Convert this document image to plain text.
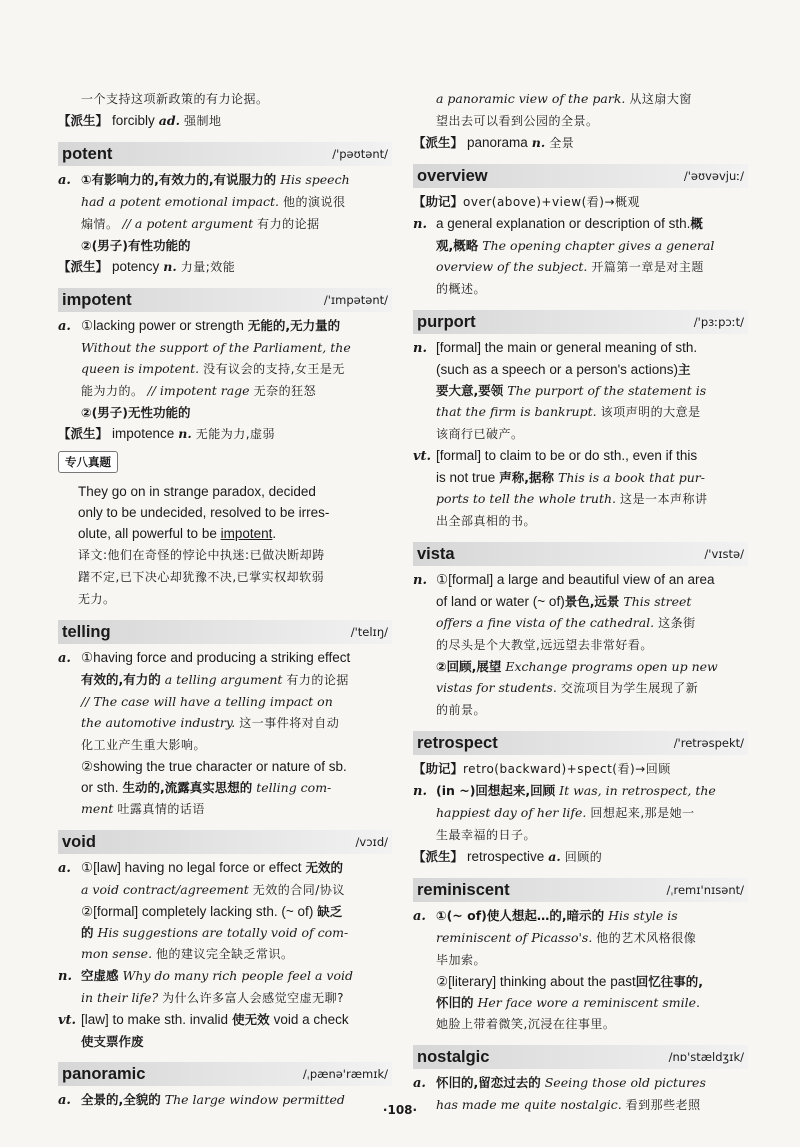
一个支持这项新政策的有力论据。
【派生】 forcibly ad. 强制地
potent	/'pəʊtənt/
a. ①有影响力的,有效力的,有说服力的 His speech
had a potent emotional impact. 他的演说很
煽情。 // a potent argument 有力的论据
②(男子)有性功能的
【派生】 potency n. 力量;效能
impotent	/'ɪmpətənt/
a. ①lacking power or strength 无能的,无力量的
Without the support of the Parliament, the
queen is impotent. 没有议会的支持,女王是无
能为力的。 // impotent rage 无奈的狂怒
②(男子)无性功能的
【派生】 impotence n. 无能为力,虚弱
专八真题
They go on in strange paradox, decided
only to be undecided, resolved to be irres-
olute, all powerful to be impotent.
译文:他们在奇怪的悖论中执迷:已做决断却踌
躇不定,已下决心却犹豫不决,已掌实权却软弱
无力。
telling	/'telɪŋ/
a. ①having force and producing a striking effect
有效的,有力的 a telling argument 有力的论据
// The case will have a telling impact on
the automotive industry. 这一事件将对自动
化工业产生重大影响。
②showing the true character or nature of sb.
or sth. 生动的,流露真实思想的 telling com-
ment 吐露真情的话语
void	/vɔɪd/
a. ①[law] having no legal force or effect 无效的
a void contract/agreement 无效的合同/协议
②[formal] completely lacking sth. (~ of) 缺乏
的 His suggestions are totally void of com-
mon sense. 他的建议完全缺乏常识。
n. 空虚感 Why do many rich people feel a void
in their life? 为什么许多富人会感觉空虚无聊?
vt. [law] to make sth. invalid 使无效 void a check
使支票作废
panoramic	/ˌpænə'ræmɪk/
a. 全景的,全貌的 The large window permitted
a panoramic view of the park. 从这扇大窗
望出去可以看到公园的全景。
【派生】 panorama n. 全景
overview	/'əʊvəvjuː/
【助记】over(above)+view(看)→概观
n. a general explanation or description of sth.概
观,概略 The opening chapter gives a general
overview of the subject. 开篇第一章是对主题
的概述。
purport	/'pɜːpɔːt/
n. [formal] the main or general meaning of sth.
(such as a speech or a person's actions)主
要大意,要领 The purport of the statement is
that the firm is bankrupt. 该项声明的大意是
该商行已破产。
vt. [formal] to claim to be or do sth., even if this
is not true 声称,据称 This is a book that pur-
ports to tell the whole truth. 这是一本声称讲
出全部真相的书。
vista	/'vɪstə/
n. ①[formal] a large and beautiful view of an area
of land or water (~ of)景色,远景 This street
offers a fine vista of the cathedral. 这条街
的尽头是个大教堂,远远望去非常好看。
②回顾,展望 Exchange programs open up new
vistas for students. 交流项目为学生展现了新
的前景。
retrospect	/'retrəspekt/
【助记】retro(backward)+spect(看)→回顾
n. (in ~)回想起来,回顾 It was, in retrospect, the
happiest day of her life. 回想起来,那是她一
生最幸福的日子。
【派生】 retrospective a. 回顾的
reminiscent	/ˌremɪ'nɪsənt/
a. ①(~ of)使人想起…的,暗示的 His style is
reminiscent of Picasso's. 他的艺术风格很像
毕加索。
②[literary] thinking about the past回忆往事的,
怀旧的 Her face wore a reminiscent smile.
她脸上带着微笑,沉浸在往事里。
nostalgic	/nɒ'stældʒɪk/
a. 怀旧的,留恋过去的 Seeing those old pictures
has made me quite nostalgic. 看到那些老照
·108·
